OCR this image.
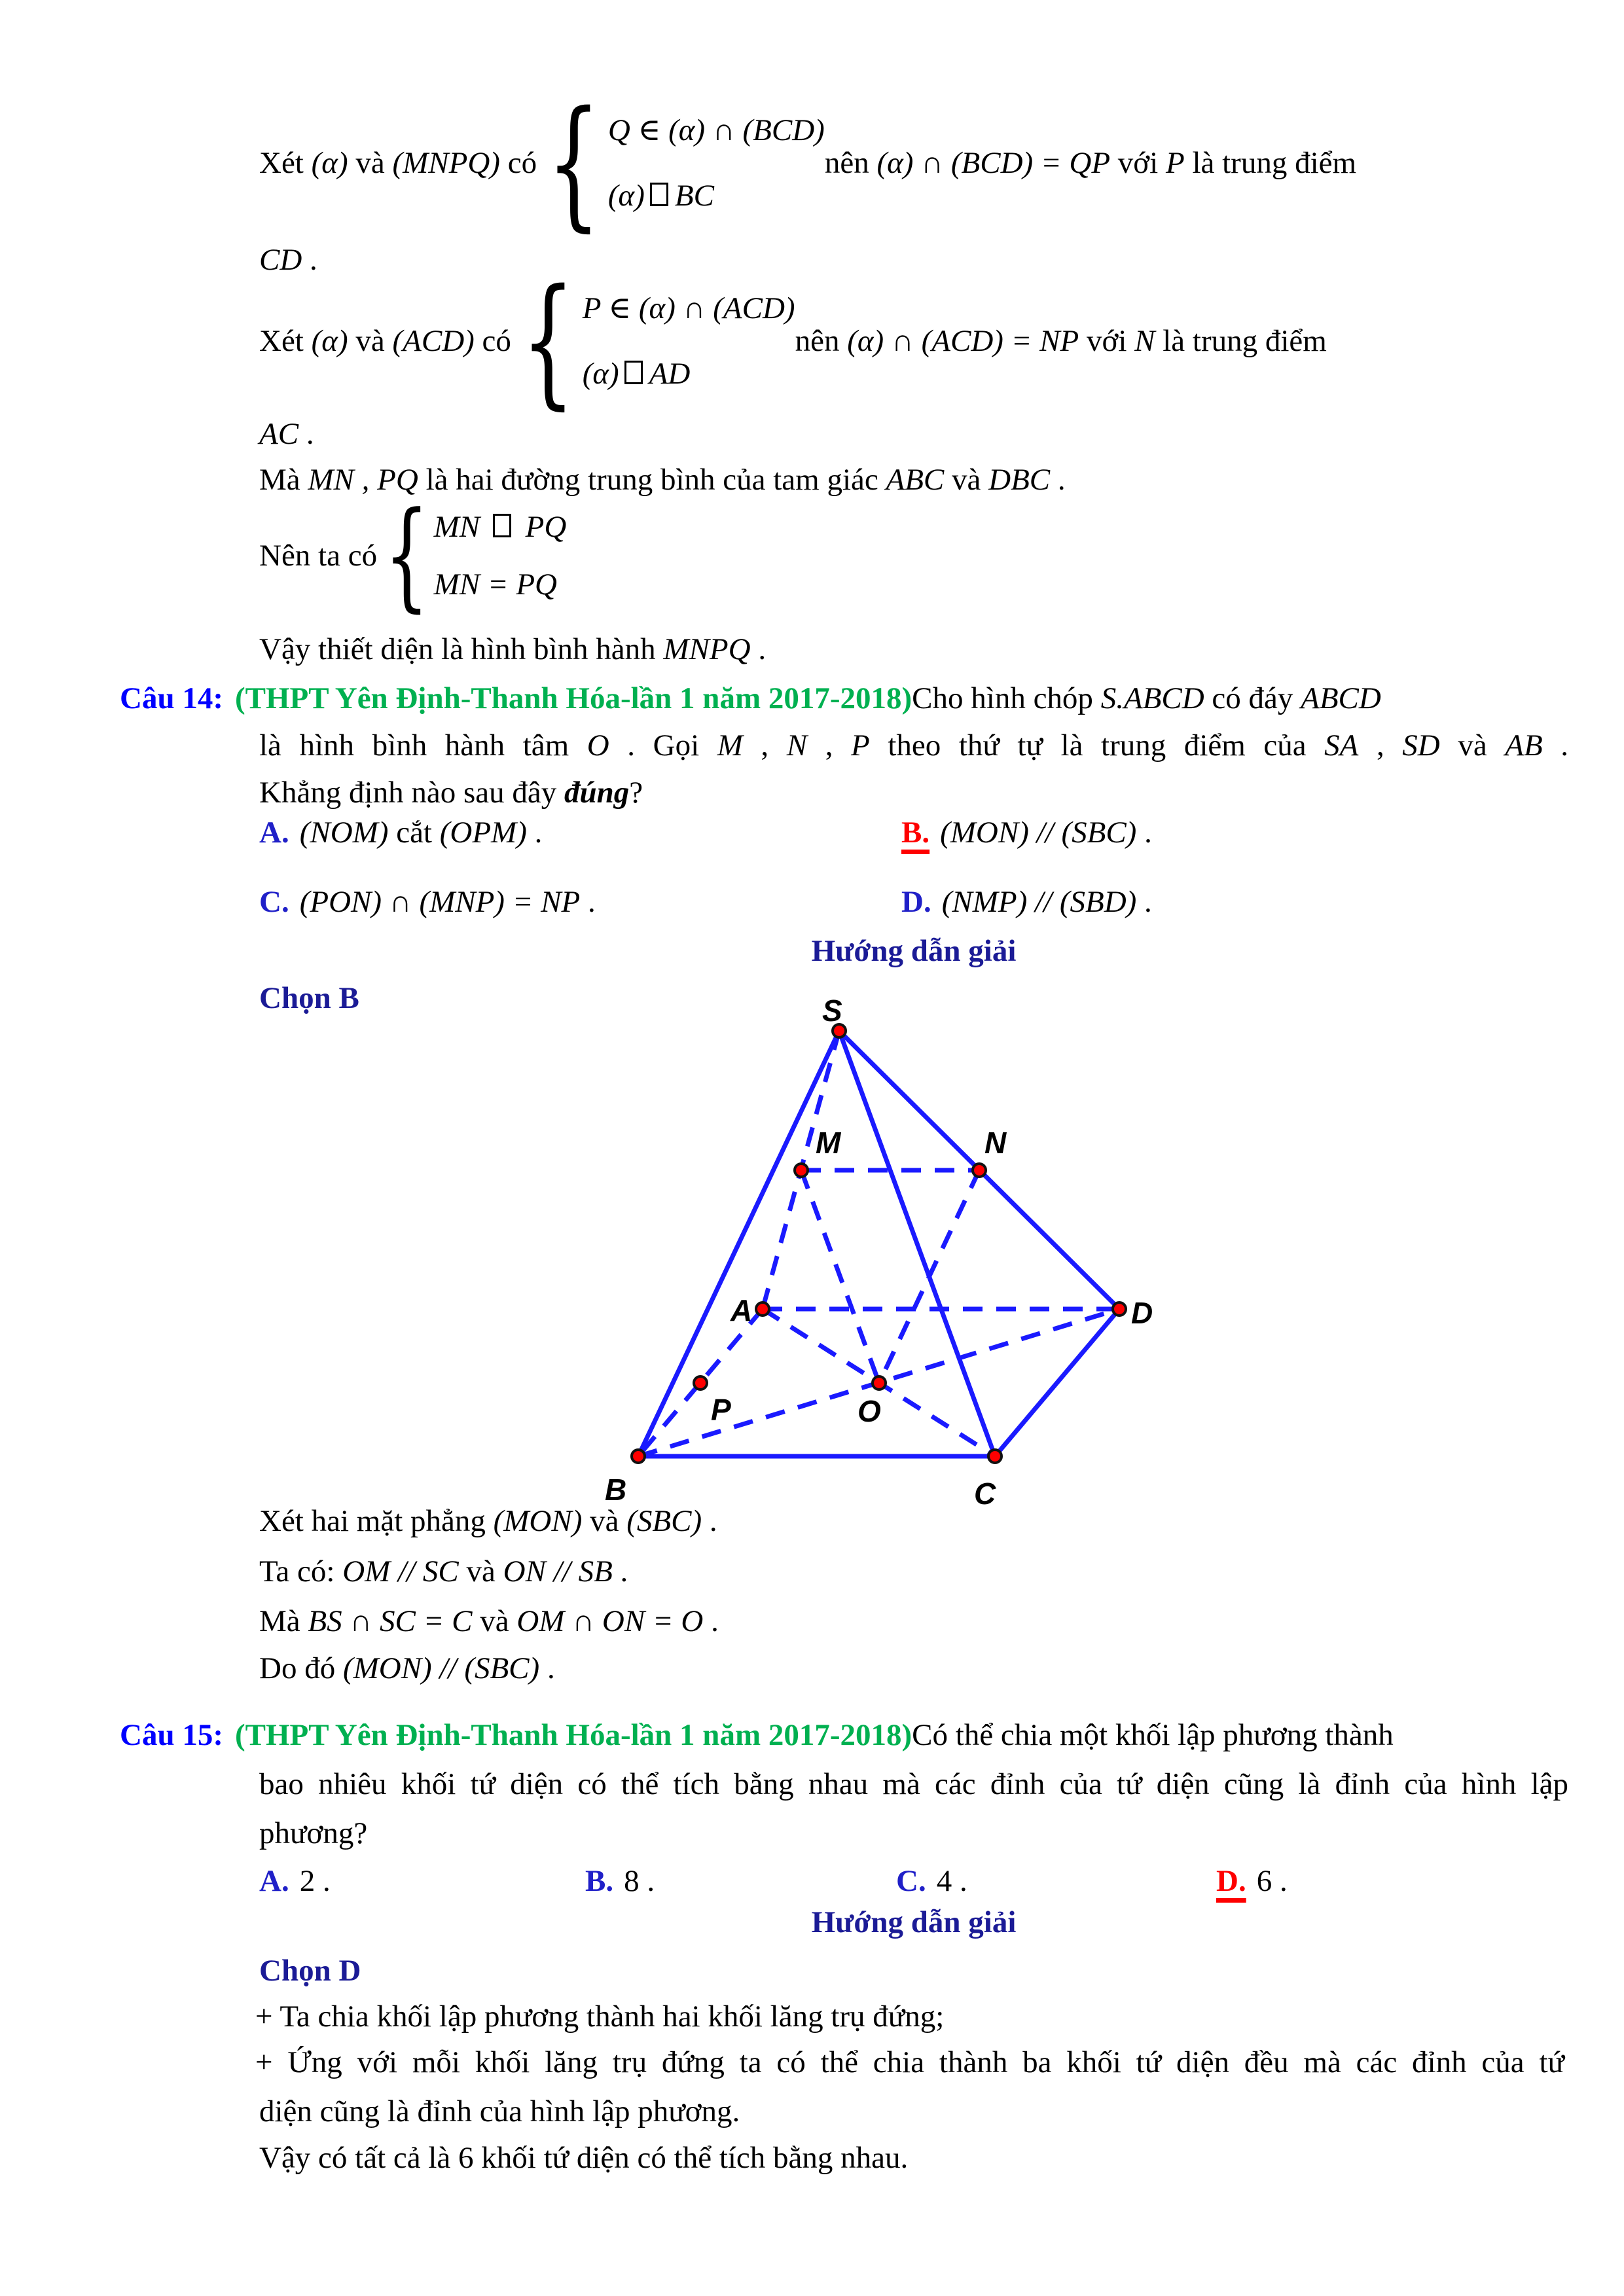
Xét (α) và (MNPQ) có { Q ∈ (α) ∩ (BCD)
(α) BC
nên (α) ∩ (BCD) = QP với P là trung điểm
CD .
Xét (α) và (ACD) có { P ∈ (α) ∩ (ACD)
(α) AD
nên (α) ∩ (ACD) = NP với N là trung điểm
AC .
Mà MN , PQ là hai đường trung bình của tam giác ABC và DBC .
Nên ta có { MN  PQ
MN = PQ
Vậy thiết diện là hình bình hành MNPQ .
Câu 14: (THPT Yên Định-Thanh Hóa-lần 1 năm 2017-2018) Cho hình chóp S.ABCD có đáy ABCD
là hình bình hành tâm O . Gọi M , N , P theo thứ tự là trung điểm của SA , SD và AB .
Khẳng định nào sau đây đúng?
A. (NOM) cắt (OPM) .	B. (MON) // (SBC) .
C. (PON) ∩ (MNP) = NP .	D. (NMP) // (SBD) .
Hướng dẫn giải
Chọn B	S
M	N
A	D
P	O
B	C
Xét hai mặt phẳng (MON) và (SBC) .
Ta có: OM // SC và ON // SB .
Mà BS ∩ SC = C và OM ∩ ON = O .
Do đó (MON) // (SBC) .
Câu 15: (THPT Yên Định-Thanh Hóa-lần 1 năm 2017-2018) Có thể chia một khối lập phương thành
bao nhiêu khối tứ diện có thể tích bằng nhau mà các đỉnh của tứ diện cũng là đỉnh của hình lập
phương?
A. 2 .	B. 8 .	C. 4 .	D. 6 .
Hướng dẫn giải
Chọn D
+ Ta chia khối lập phương thành hai khối lăng trụ đứng;
+ Ứng với mỗi khối lăng trụ đứng ta có thể chia thành ba khối tứ diện đều mà các đỉnh của tứ
diện cũng là đỉnh của hình lập phương.
Vậy có tất cả là 6 khối tứ diện có thể tích bằng nhau.
